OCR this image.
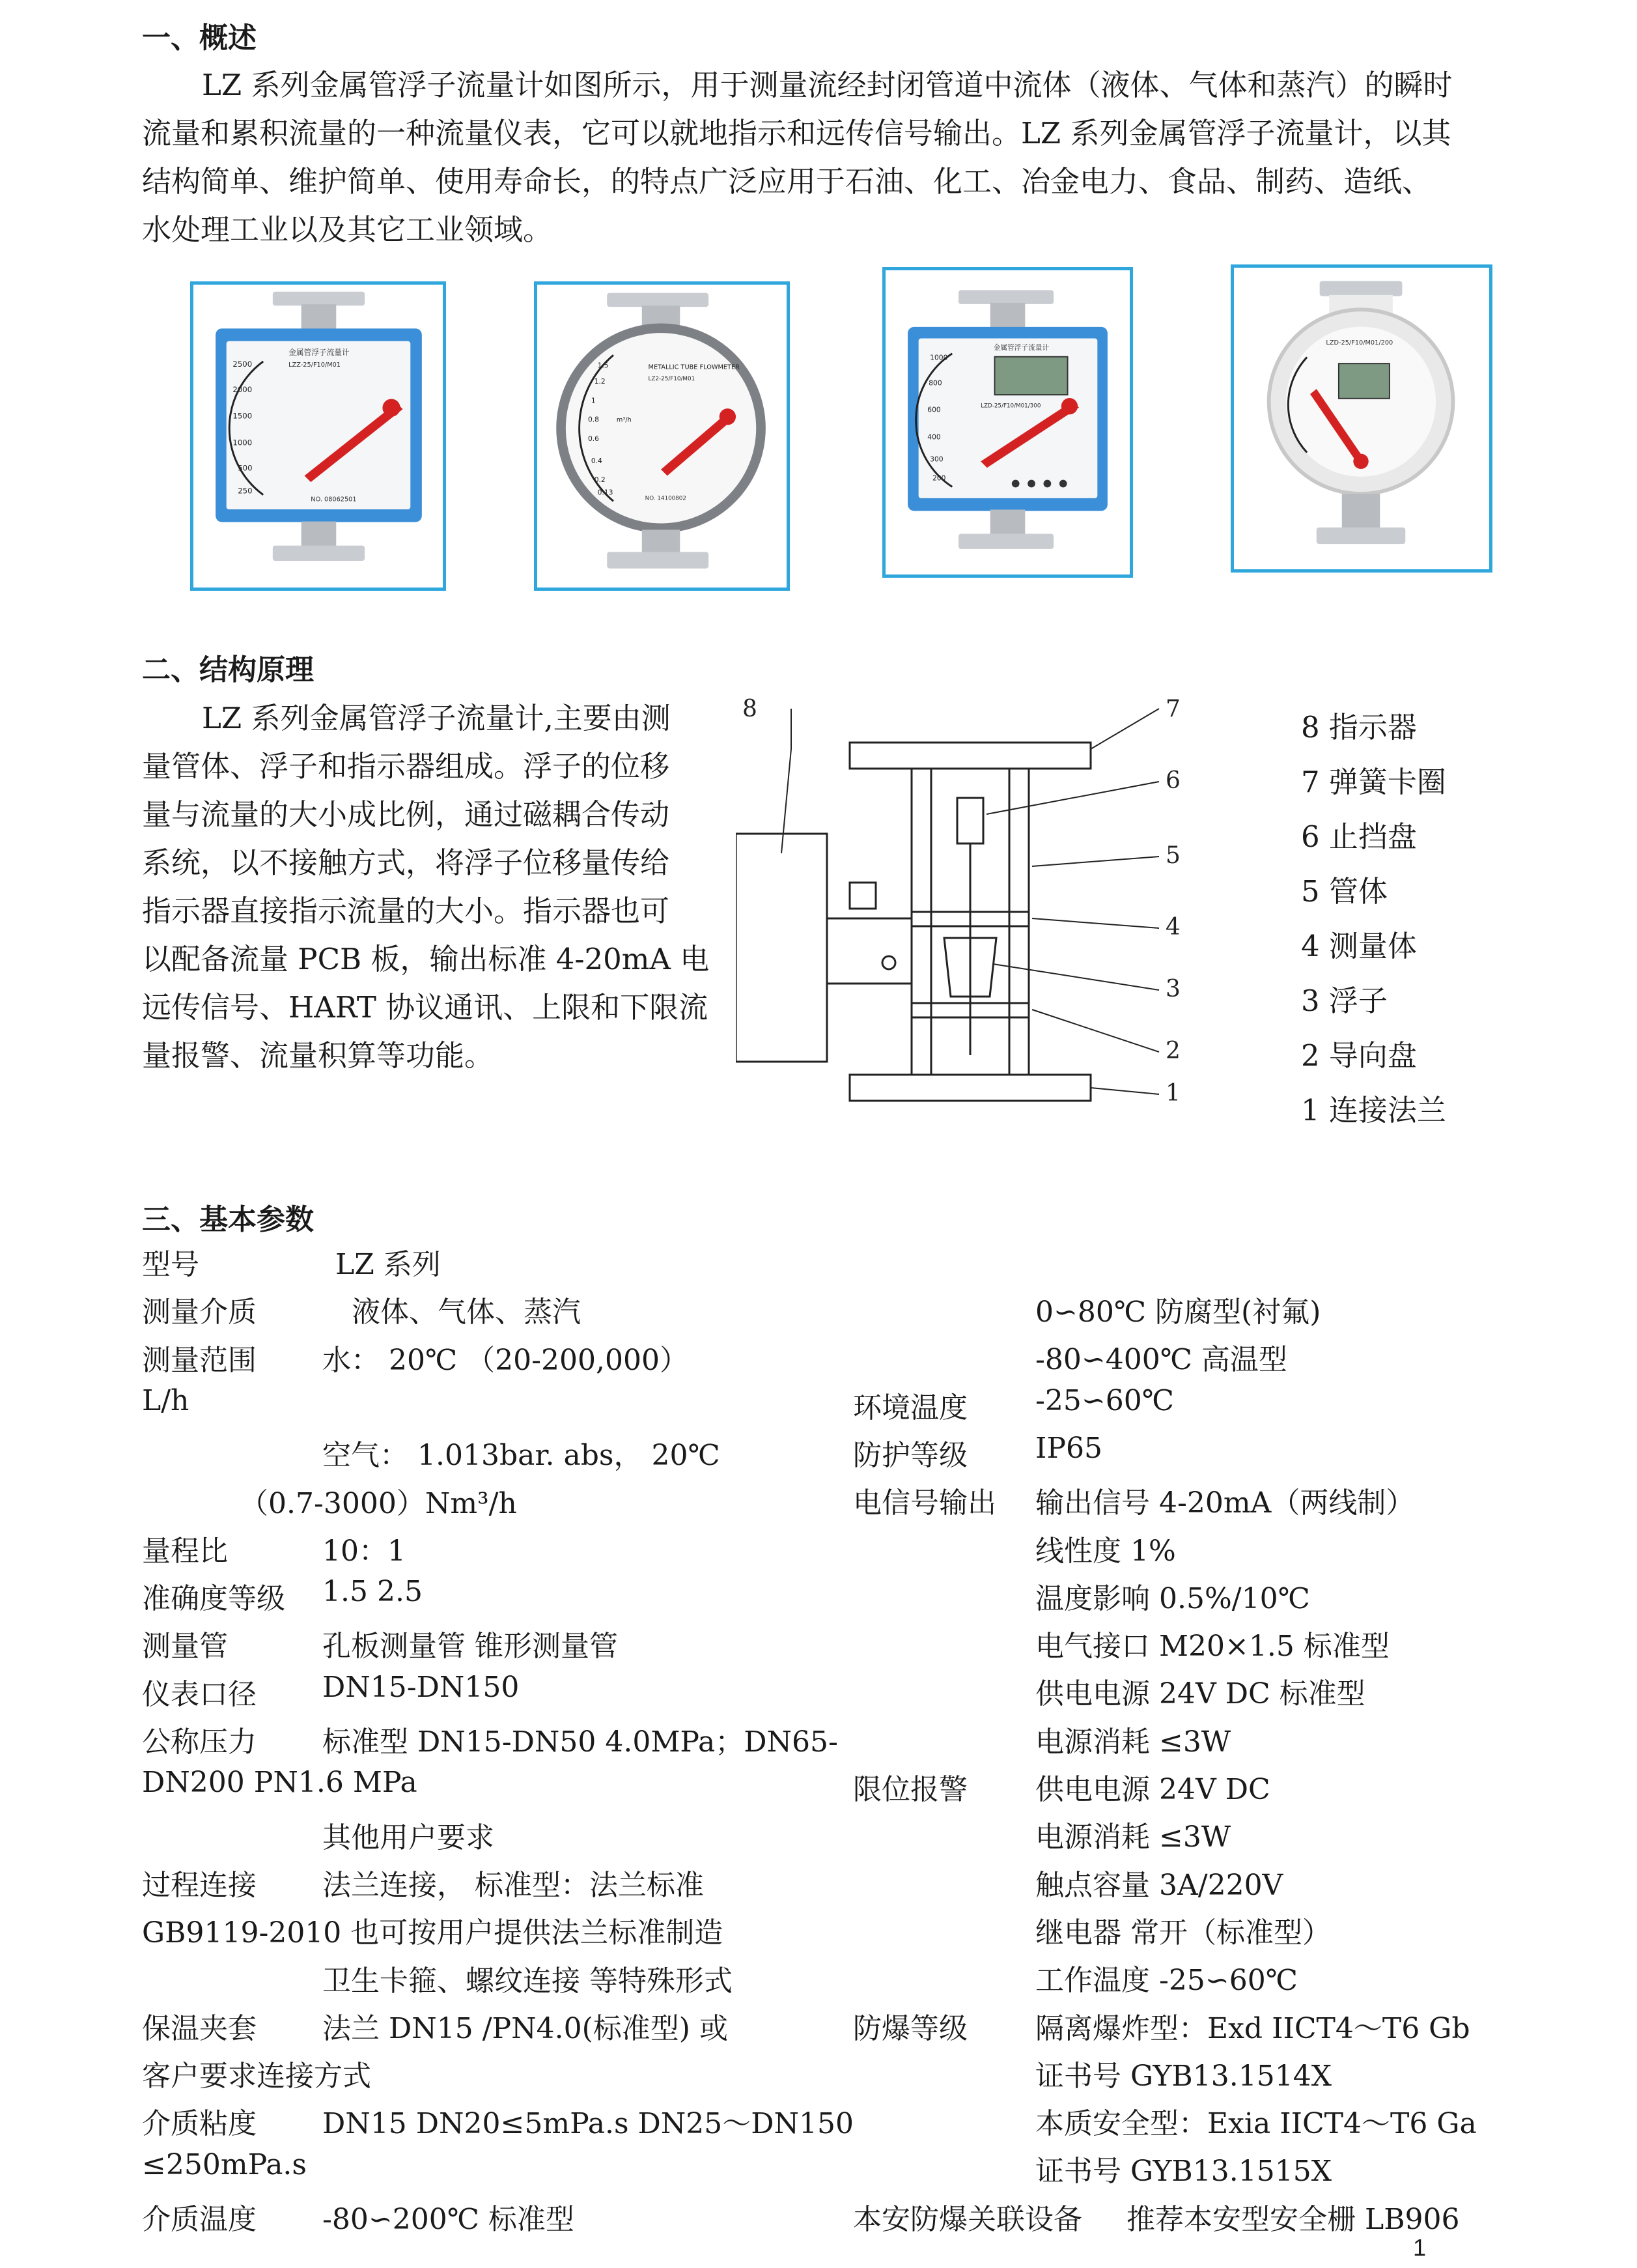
一、概述
LZ 系列金属管浮子流量计如图所示，用于测量流经封闭管道中流体（液体、气体和蒸汽）的瞬时
流量和累积流量的一种流量仪表，它可以就地指示和远传信号输出。LZ 系列金属管浮子流量计，以其
结构简单、维护简单、使用寿命长，的特点广泛应用于石油、化工、冶金电力、食品、制药、造纸、
水处理工业以及其它工业领域。
金属管浮子流量计
LZZ-25/F10/M01
2500
2000
1500
1000
500
250
NO. 08062501
METALLIC TUBE FLOWMETER
LZ2-25/F10/M01
1.5
1.2
1
0.8
0.6
0.4
0.2
0.13
m³/h
NO. 14100802
金属管浮子流量计
1000
800
600
400
300
200
LZD-25/F10/M01/300
LZD-25/F10/M01/200
二、结构原理
LZ 系列金属管浮子流量计,主要由测
量管体、浮子和指示器组成。浮子的位移
量与流量的大小成比例，通过磁耦合传动
系统，以不接触方式，将浮子位移量传给
指示器直接指示流量的大小。指示器也可
以配备流量 PCB 板，输出标准 4-20mA 电
远传信号、HART 协议通讯、上限和下限流
量报警、流量积算等功能。
8	7
6
5
4
3
2
1
8 指示器
7 弹簧卡圈
6 止挡盘
5 管体
4 测量体
3 浮子
2 导向盘
1 连接法兰
三、基本参数
型号	LZ 系列
测量介质	液体、气体、蒸汽
测量范围 水： 20℃ （20-200,000）
L/h
空气： 1.013bar. abs， 20℃
（0.7-3000）Nm³/h
量程比	10：1
准确度等级 1.5 2.5
测量管	孔板测量管 锥形测量管
仪表口径 DN15-DN150
公称压力 标准型 DN15-DN50 4.0MPa；DN65-
DN200 PN1.6 MPa
其他用户要求
过程连接 法兰连接， 标准型：法兰标准
GB9119-2010 也可按用户提供法兰标准制造
卫生卡箍、螺纹连接 等特殊形式
保温夹套 法兰 DN15 /PN4.0(标准型) 或
客户要求连接方式
介质粘度 DN15 DN20≤5mPa.s DN25～DN150
≤250mPa.s
介质温度 -80∽200℃ 标准型
0∽80℃ 防腐型(衬氟)
-80∽400℃ 高温型
环境温度 -25∽60℃
防护等级 IP65
电信号输出 输出信号 4-20mA（两线制）
线性度 1%
温度影响 0.5%/10℃
电气接口 M20×1.5 标准型
供电电源 24V DC 标准型
电源消耗 ≤3W
限位报警 供电电源 24V DC
电源消耗 ≤3W
触点容量 3A/220V
继电器 常开（标准型）
工作温度 -25∽60℃
防爆等级 隔离爆炸型：Exd IICT4～T6 Gb
证书号 GYB13.1514X
本质安全型：Exia IICT4～T6 Ga
证书号 GYB13.1515X
本安防爆关联设备 推荐本安型安全栅 LB906
1
